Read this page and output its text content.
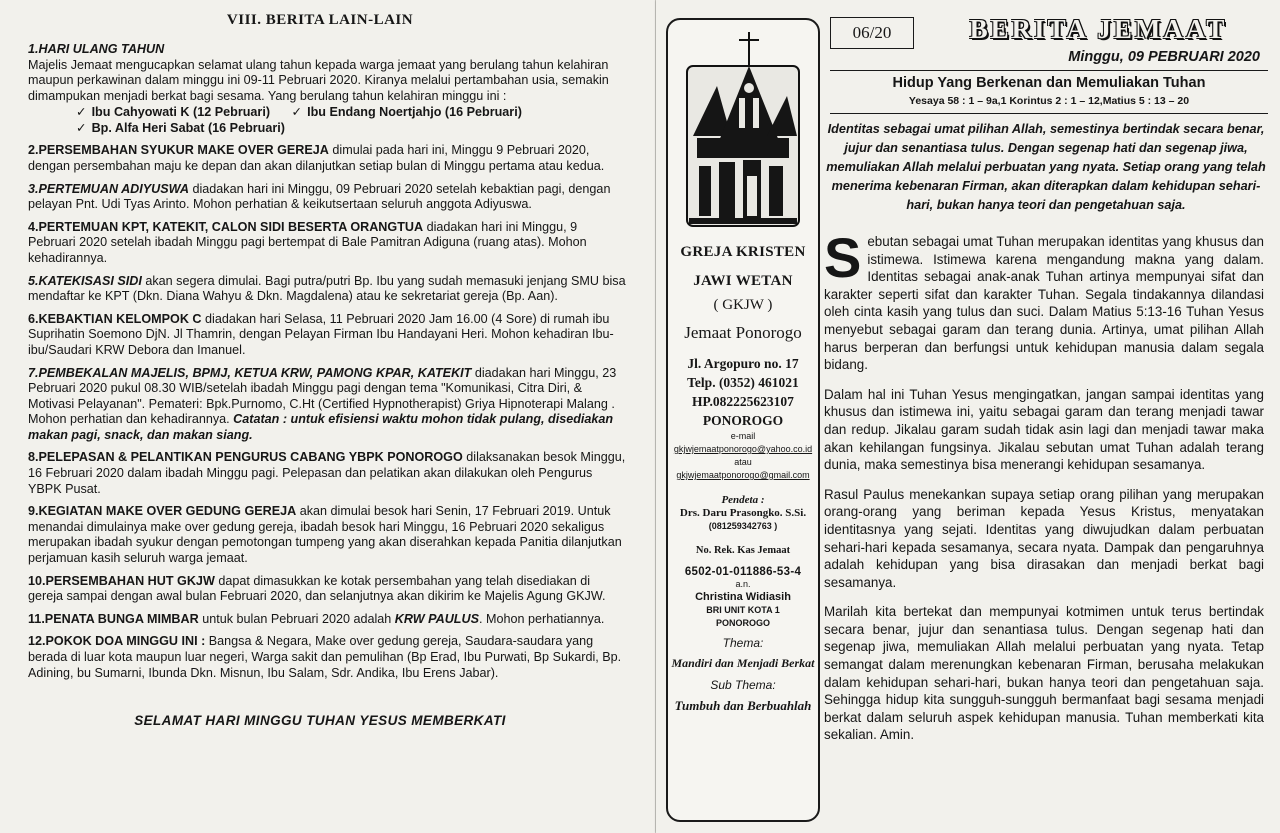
VIII. BERITA LAIN-LAIN
1.HARI ULANG TAHUN

Majelis Jemaat mengucapkan selamat ulang tahun kepada warga jemaat yang berulang tahun kelahiran maupun perkawinan dalam minggu ini 09-11 Pebruari 2020. Kiranya melalui pertambahan usia, semakin dimampukan menjadi berkat bagi sesama. Yang berulang tahun kelahiran minggu ini :

✓ Ibu Cahyowati K (12 Pebruari) ✓	Ibu Endang Noertjahjo (16 Pebruari)
✓ Bp. Alfa Heri Sabat (16 Pebruari)

2.PERSEMBAHAN SYUKUR MAKE OVER GEREJA dimulai pada hari ini, Minggu 9 Pebruari 2020, dengan persembahan maju ke depan dan akan dilanjutkan setiap bulan di Minggu pertama atau kedua.

3.PERTEMUAN ADIYUSWA diadakan hari ini Minggu, 09 Pebruari 2020 setelah kebaktian pagi, dengan pelayan Pnt. Udi Tyas Arinto. Mohon perhatian & keikutsertaan seluruh anggota Adiyuswa.

4.PERTEMUAN KPT, KATEKIT, CALON SIDI BESERTA ORANGTUA diadakan hari ini Minggu, 9 Pebruari 2020 setelah ibadah Minggu pagi bertempat di Bale Pamitran Adiguna (ruang atas). Mohon kehadirannya.

5.KATEKISASI SIDI akan segera dimulai. Bagi putra/putri Bp. Ibu yang sudah memasuki jenjang SMU bisa mendaftar ke KPT (Dkn. Diana Wahyu & Dkn. Magdalena) atau ke sekretariat gereja (Bp. Aan).

6.KEBAKTIAN KELOMPOK C diadakan hari Selasa, 11 Pebruari 2020 Jam 16.00 (4 Sore) di rumah ibu Suprihatin Soemono DjN. Jl Thamrin, dengan Pelayan Firman Ibu Handayani Heri. Mohon kehadiran Ibu-ibu/Saudari KRW Debora dan Imanuel.

7.PEMBEKALAN MAJELIS, BPMJ, KETUA KRW, PAMONG KPAR, KATEKIT diadakan hari Minggu, 23 Pebruari 2020 pukul 08.30 WIB/setelah ibadah Minggu pagi dengan tema "Komunikasi, Citra Diri, & Motivasi Pelayanan". Pemateri: Bpk.Purnomo, C.Ht (Certified Hypnotherapist) Griya Hipnoterapi Malang . Mohon perhatian dan kehadirannya. Catatan : untuk efisiensi waktu mohon tidak pulang, disediakan makan pagi, snack, dan makan siang.

8.PELEPASAN & PELANTIKAN PENGURUS CABANG YBPK PONOROGO dilaksanakan besok Minggu, 16 Februari 2020 dalam ibadah Minggu pagi. Pelepasan dan pelatikan akan dilakukan oleh Pengurus YBPK Pusat.

9.KEGIATAN MAKE OVER GEDUNG GEREJA akan dimulai besok hari Senin, 17 Februari 2019. Untuk menandai dimulainya make over gedung gereja, ibadah besok hari Minggu, 16 Pebruari 2020 sekaligus merupakan ibadah syukur dengan pemotongan tumpeng yang akan diserahkan kepada Panitia dilanjutkan perjamuan kasih seluruh warga jemaat.

10.PERSEMBAHAN HUT GKJW dapat dimasukkan ke kotak persembahan yang telah disediakan di gereja sampai dengan awal bulan Februari 2020, dan selanjutnya akan dikirim ke Majelis Agung GKJW.

11.PENATA BUNGA MIMBAR untuk bulan Pebruari 2020 adalah KRW PAULUS. Mohon perhatiannya.

12.POKOK DOA MINGGU INI : Bangsa & Negara, Make over gedung gereja, Saudara-saudara yang berada di luar kota maupun luar negeri, Warga sakit dan pemulihan (Bp Erad, Ibu Purwati, Bp Sukardi, Bp. Adining, bu Sumarni, Ibunda Dkn. Misnun, Ibu Salam, Sdr. Andika, Ibu Erens Jabar).

SELAMAT HARI MINGGU TUHAN YESUS MEMBERKATI
GREJA KRISTEN
JAWI WETAN
( GKJW )
Jemaat Ponorogo
Jl. Argopuro no. 17
Telp. (0352) 461021
HP.082225623107
PONOROGO
e-mail
gkjwjemaatponorogo@yahoo.co.id
atau
gkjwjemaatponorogo@gmail.com
Pendeta :
Drs. Daru Prasongko. S.Si.
(081259342763 )
No. Rek. Kas Jemaat
6502-01-011886-53-4
a.n.
Christina Widiasih
BRI UNIT KOTA 1
PONOROGO
Thema:
Mandiri dan Menjadi Berkat
Sub Thema:
Tumbuh dan Berbuahlah
06/20	BERITA JEMAAT
Minggu, 09 PEBRUARI 2020
Hidup Yang Berkenan dan Memuliakan Tuhan
Yesaya 58 : 1 – 9a,1 Korintus 2 : 1 – 12,Matius 5 : 13 – 20
Identitas sebagai umat pilihan Allah, semestinya bertindak secara benar, jujur dan senantiasa tulus. Dengan segenap hati dan segenap jiwa, memuliakan Allah melalui perbuatan yang nyata. Setiap orang yang telah menerima kebenaran Firman, akan diterapkan dalam kehidupan sehari-hari, bukan hanya teori dan pengetahuan saja.

Sebutan sebagai umat Tuhan merupakan identitas yang khusus dan istimewa. Istimewa karena mengandung makna yang dalam. Identitas sebagai anak-anak Tuhan artinya mempunyai sifat dan karakter seperti sifat dan karakter Tuhan. Segala tindakannya dilandasi oleh cinta kasih yang tulus dan suci. Dalam Matius 5:13-16 Tuhan Yesus menyebut sebagai garam dan terang dunia. Artinya, umat pilihan Allah harus berperan dan berfungsi untuk kehidupan manusia dalam segala bidang.

Dalam hal ini Tuhan Yesus mengingatkan, jangan sampai identitas yang khusus dan istimewa ini, yaitu sebagai garam dan terang menjadi tawar dan redup. Jikalau garam sudah tidak asin lagi dan menjadi tawar maka akan kehilangan fungsinya. Jikalau sebutan umat Tuhan adalah terang dunia, maka semestinya bisa menerangi kehidupan sesamanya.

Rasul Paulus menekankan supaya setiap orang pilihan yang merupakan orang-orang yang beriman kepada Yesus Kristus, menyatakan identitasnya yang sejati. Identitas yang diwujudkan dalam perbuatan sehari-hari kepada sesamanya, secara nyata. Dampak dan pengaruhnya adalah kehidupan yang bisa dirasakan dan menjadi berkat bagi sesamanya.

Marilah kita bertekat dan mempunyai kotmimen untuk terus bertindak secara benar, jujur dan senantiasa tulus. Dengan segenap hati dan segenap jiwa, memuliakan Allah melalui perbuatan yang nyata. Tetap semangat dalam merenungkan kebenaran Firman, berusaha melakukan dalam kehidupan sehari-hari, bukan hanya teori dan pengetahuan saja. Sehingga hidup kita sungguh-sungguh bermanfaat bagi sesama menjadi berkat dalam seluruh aspek kehidupan manusia. Tuhan memberkati kita sekalian. Amin.
